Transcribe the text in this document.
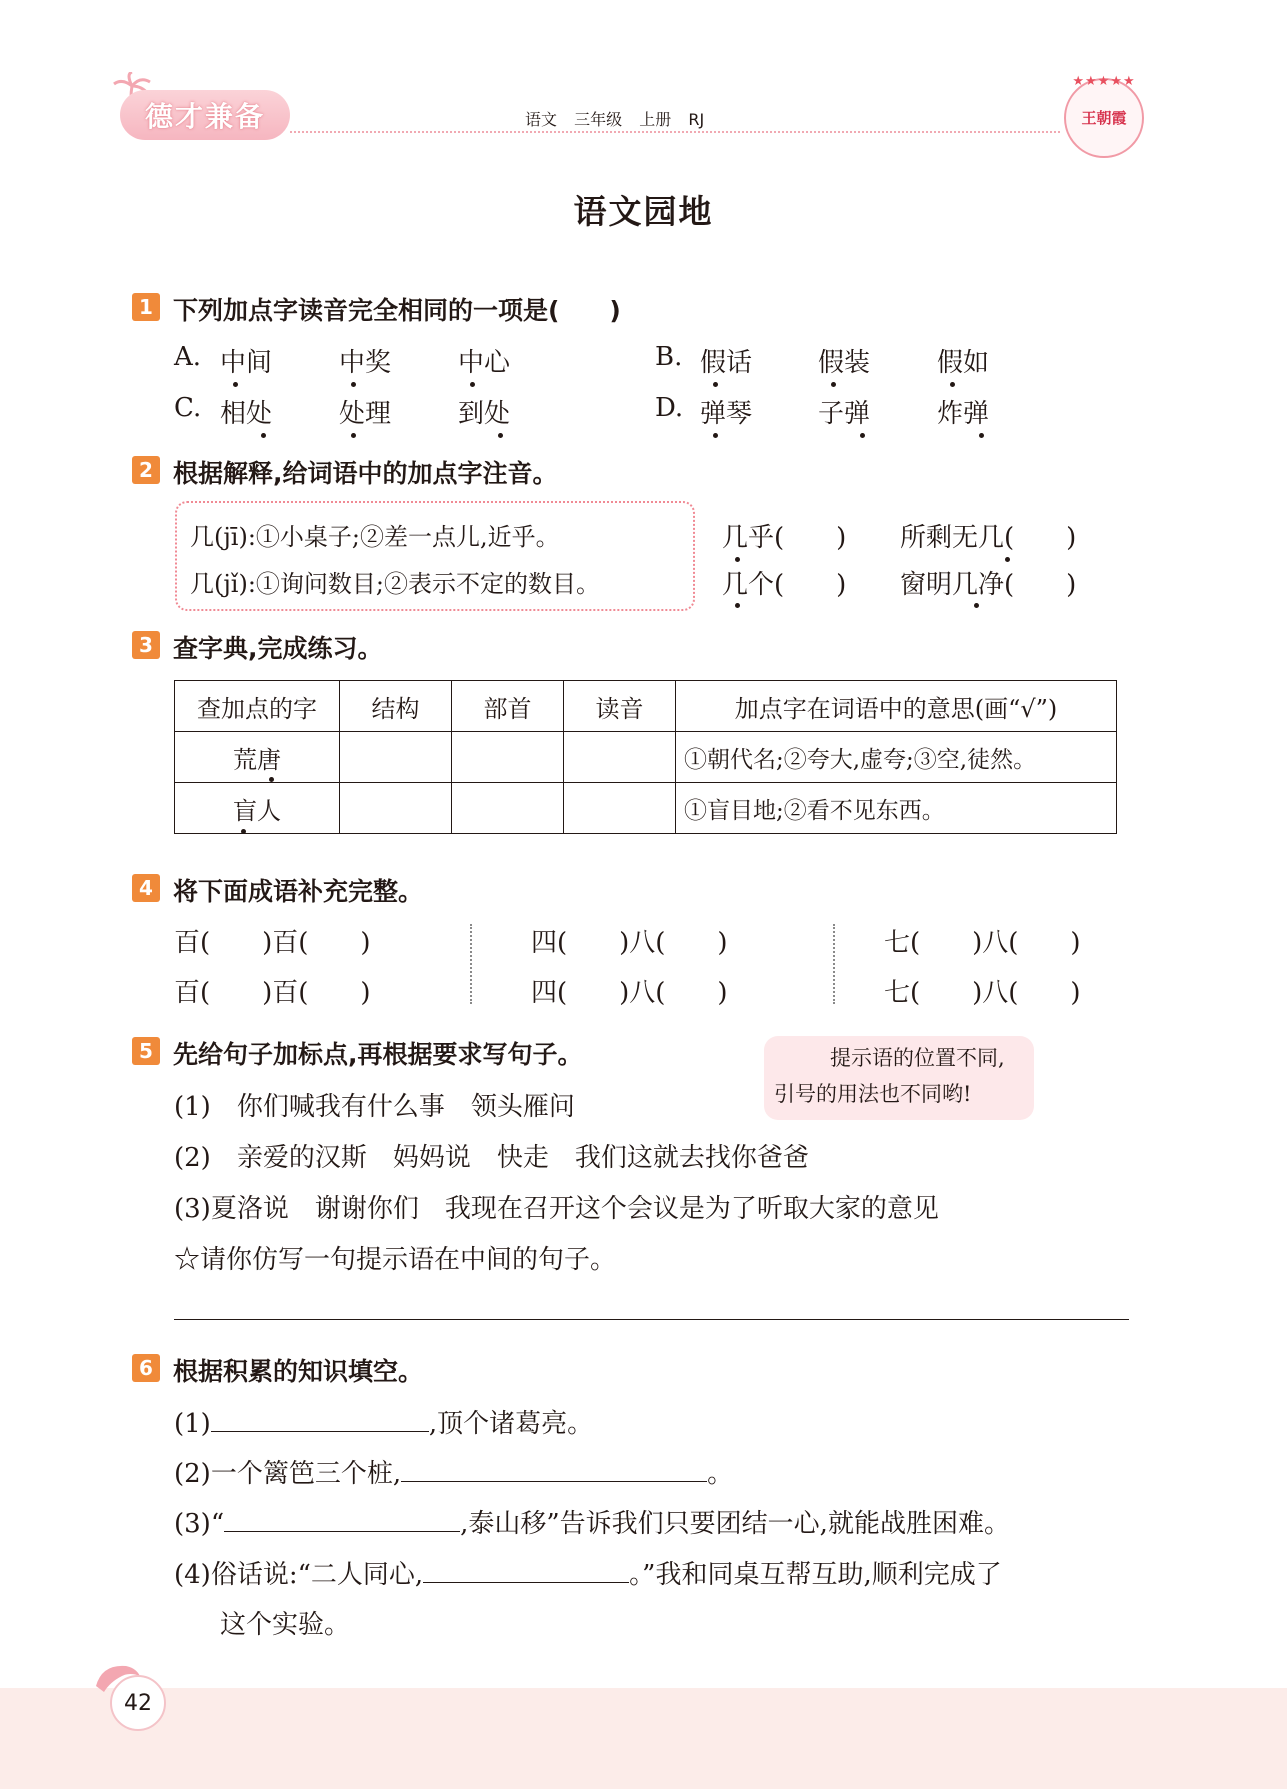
德才兼备	语文 三年级 上册 RJ
★★★★★
王朝霞
语文园地
1 下列加点字读音完全相同的一项是(　　)
A. 中间	中奖	中心	B. 假话	假装	假如
C. 相处	处理	到处	D. 弹琴	子弹	炸弹
2 根据解释,给词语中的加点字注音。
几(jī):①小桌子;②差一点儿,近乎。
几(jǐ):①询问数目;②表示不定的数目。
几乎(　　) 所剩无几(　　)
几个(　　) 窗明几净(　　)
3 查字典,完成练习。
查加点的字	结构	部首	读音	加点字在词语中的意思(画“√”)
荒唐				①朝代名;②夸大,虚夸;③空,徒然。
盲人				①盲目地;②看不见东西。
4 将下面成语补充完整。
百(　　)百(　　)	四(　　)八(　　)	七(　　)八(　　)
百(　　)百(　　)	四(　　)八(　　)	七(　　)八(　　)
5 先给句子加标点,再根据要求写句子。	提示语的位置不同,
引号的用法也不同哟!
(1)　你们喊我有什么事　领头雁问
(2)　亲爱的汉斯　妈妈说　快走　我们这就去找你爸爸
(3)夏洛说　谢谢你们　我现在召开这个会议是为了听取大家的意见
☆请你仿写一句提示语在中间的句子。
6 根据积累的知识填空。
(1)	,顶个诸葛亮。
(2)一个篱笆三个桩,	。
(3)“	,泰山移”告诉我们只要团结一心,就能战胜困难。
(4)俗话说:“二人同心,	。”我和同桌互帮互助,顺利完成了
这个实验。
42
